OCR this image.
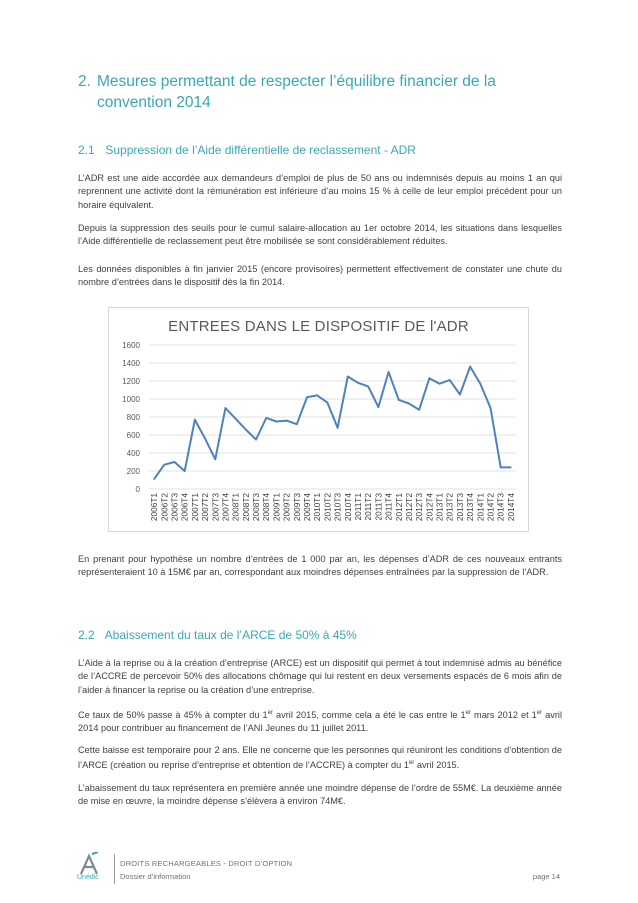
2. Mesures permettant de respecter l’équilibre financier de la convention 2014
2.1 Suppression de l’Aide différentielle de reclassement - ADR
L’ADR est une aide accordée aux demandeurs d’emploi de plus de 50 ans ou indemnisés depuis au moins 1 an qui reprennent une activité dont la rémunération est inférieure d’au moins 15 % à celle de leur emploi précédent pour un horaire équivalent.
Depuis la suppression des seuils pour le cumul salaire-allocation au 1er octobre 2014, les situations dans lesquelles l’Aide différentielle de reclassement peut être mobilisée se sont considérablement réduites.
Les données disponibles à fin janvier 2015 (encore provisoires) permettent effectivement de constater une chute du nombre d’entrées dans le dispositif dès la fin 2014.
ENTREES DANS LE DISPOSITIF DE l'ADR
0
200
400
600
800
1000
1200
1400
1600
2006T1 2006T2 2006T3 2006T4 2007T1 2007T2 2007T3 2007T4 2008T1 2008T2 2008T3 2008T4 2009T1 2009T2 2009T3 2009T4 2010T1 2010T2 2010T3 2010T4 2011T1 2011T2 2011T3 2011T4 2012T1 2012T2 2012T3 2012T4 2013T1 2013T2 2013T3 2013T4 2014T1 2014T2 2014T3 2014T4
En prenant pour hypothèse un nombre d’entrées de 1 000 par an, les dépenses d’ADR de ces nouveaux entrants représenteraient 10 à 15M€ par an, correspondant aux moindres dépenses entraînées par la suppression de l’ADR.
2.2 Abaissement du taux de l’ARCE de 50% à 45%
L’Aide à la reprise ou à la création d’entreprise (ARCE) est un dispositif qui permet à tout indemnisé admis au bénéfice de l’ACCRE de percevoir 50% des allocations chômage qui lui restent en deux versements espacés de 6 mois afin de l’aider à financer la reprise ou la création d’une entreprise.
Ce taux de 50% passe à 45% à compter du 1er avril 2015, comme cela a été le cas entre le 1er mars 2012 et 1er avril 2014 pour contribuer au financement de l’ANI Jeunes du 11 juillet 2011.
Cette baisse est temporaire pour 2 ans. Elle ne concerne que les personnes qui réuniront les conditions d’obtention de l’ARCE (création ou reprise d’entreprise et obtention de l’ACCRE) à compter du 1er avril 2015.
L’abaissement du taux représentera en première année une moindre dépense de l’ordre de 55M€. La deuxième année de mise en œuvre, la moindre dépense s’élèvera à environ 74M€.
Unédic
DROITS RECHARGEABLES - DROIT D’OPTION
Dossier d’information	page 14
